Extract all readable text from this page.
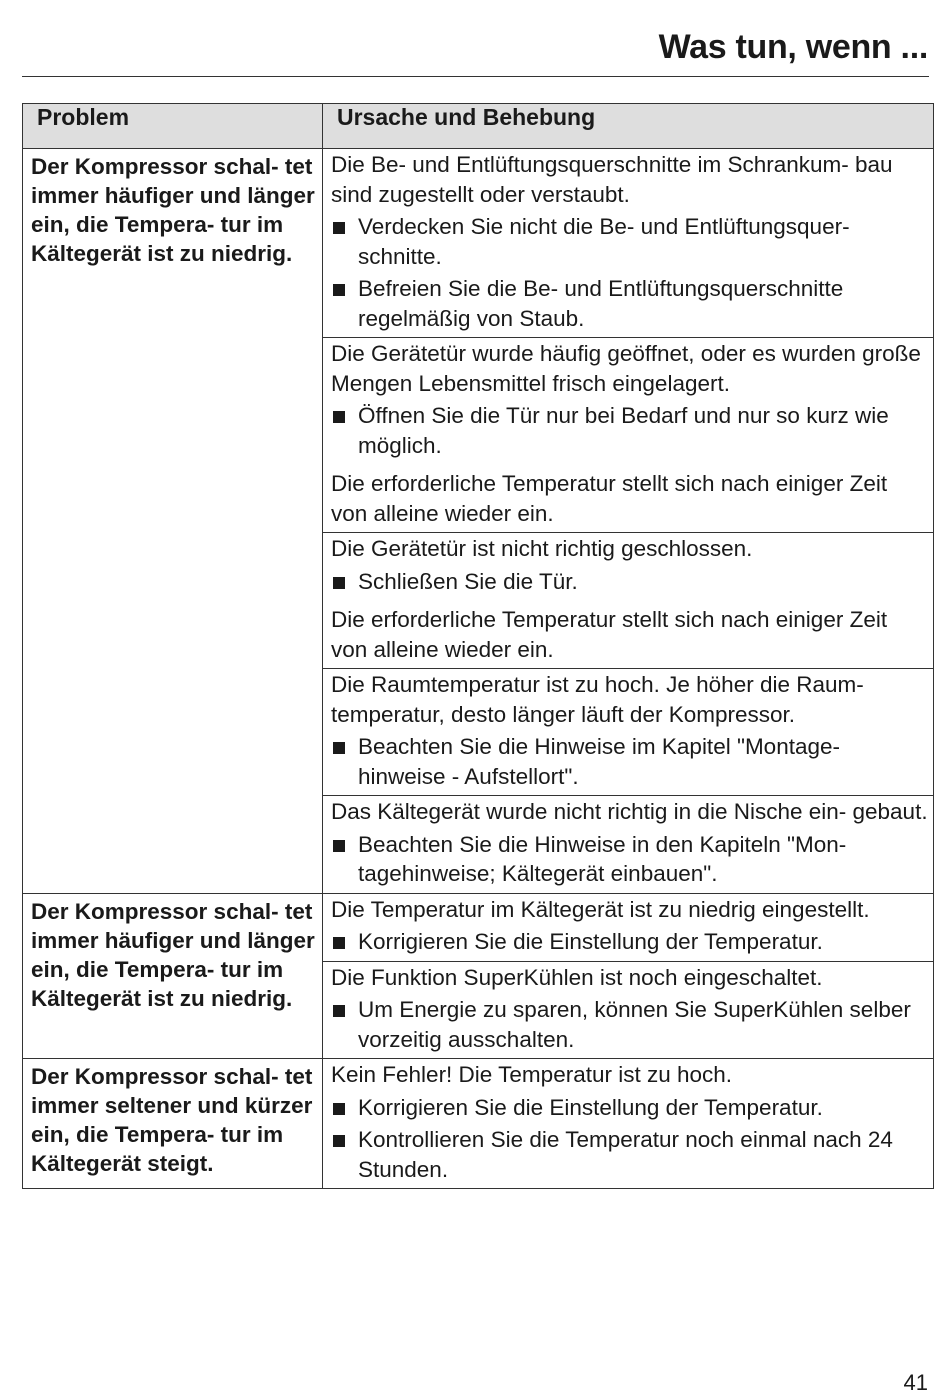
Was tun, wenn ...
Problem	Ursache und Behebung
Der Kompressor schal- tet immer häufiger und länger ein, die Tempera- tur im Kältegerät ist zu niedrig.	Die Be- und Entlüftungsquerschnitte im Schrankum- bau sind zugestellt oder verstaubt.

Verdecken Sie nicht die Be- und Entlüftungsquer- schnitte.
Befreien Sie die Be- und Entlüftungsquerschnitte regelmäßig von Staub.

	Die Gerätetür wurde häufig geöffnet, oder es wurden große Mengen Lebensmittel frisch eingelagert.

Öffnen Sie die Tür nur bei Bedarf und nur so kurz wie möglich.

Die erforderliche Temperatur stellt sich nach einiger Zeit von alleine wieder ein.

	Die Gerätetür ist nicht richtig geschlossen.

Schließen Sie die Tür.

Die erforderliche Temperatur stellt sich nach einiger Zeit von alleine wieder ein.

	Die Raumtemperatur ist zu hoch. Je höher die Raum- temperatur, desto länger läuft der Kompressor.

Beachten Sie die Hinweise im Kapitel "Montage- hinweise - Aufstellort".

	Das Kältegerät wurde nicht richtig in die Nische ein- gebaut.

Beachten Sie die Hinweise in den Kapiteln "Mon- tagehinweise; Kältegerät einbauen".

Der Kompressor schal- tet immer häufiger und länger ein, die Tempera- tur im Kältegerät ist zu niedrig.	Die Temperatur im Kältegerät ist zu niedrig eingestellt.

Korrigieren Sie die Einstellung der Temperatur.

	Die Funktion SuperKühlen ist noch eingeschaltet.

Um Energie zu sparen, können Sie SuperKühlen selber vorzeitig ausschalten.

Der Kompressor schal- tet immer seltener und kürzer ein, die Tempera- tur im Kältegerät steigt.	Kein Fehler! Die Temperatur ist zu hoch.

Korrigieren Sie die Einstellung der Temperatur.
Kontrollieren Sie die Temperatur noch einmal nach 24 Stunden.
41
